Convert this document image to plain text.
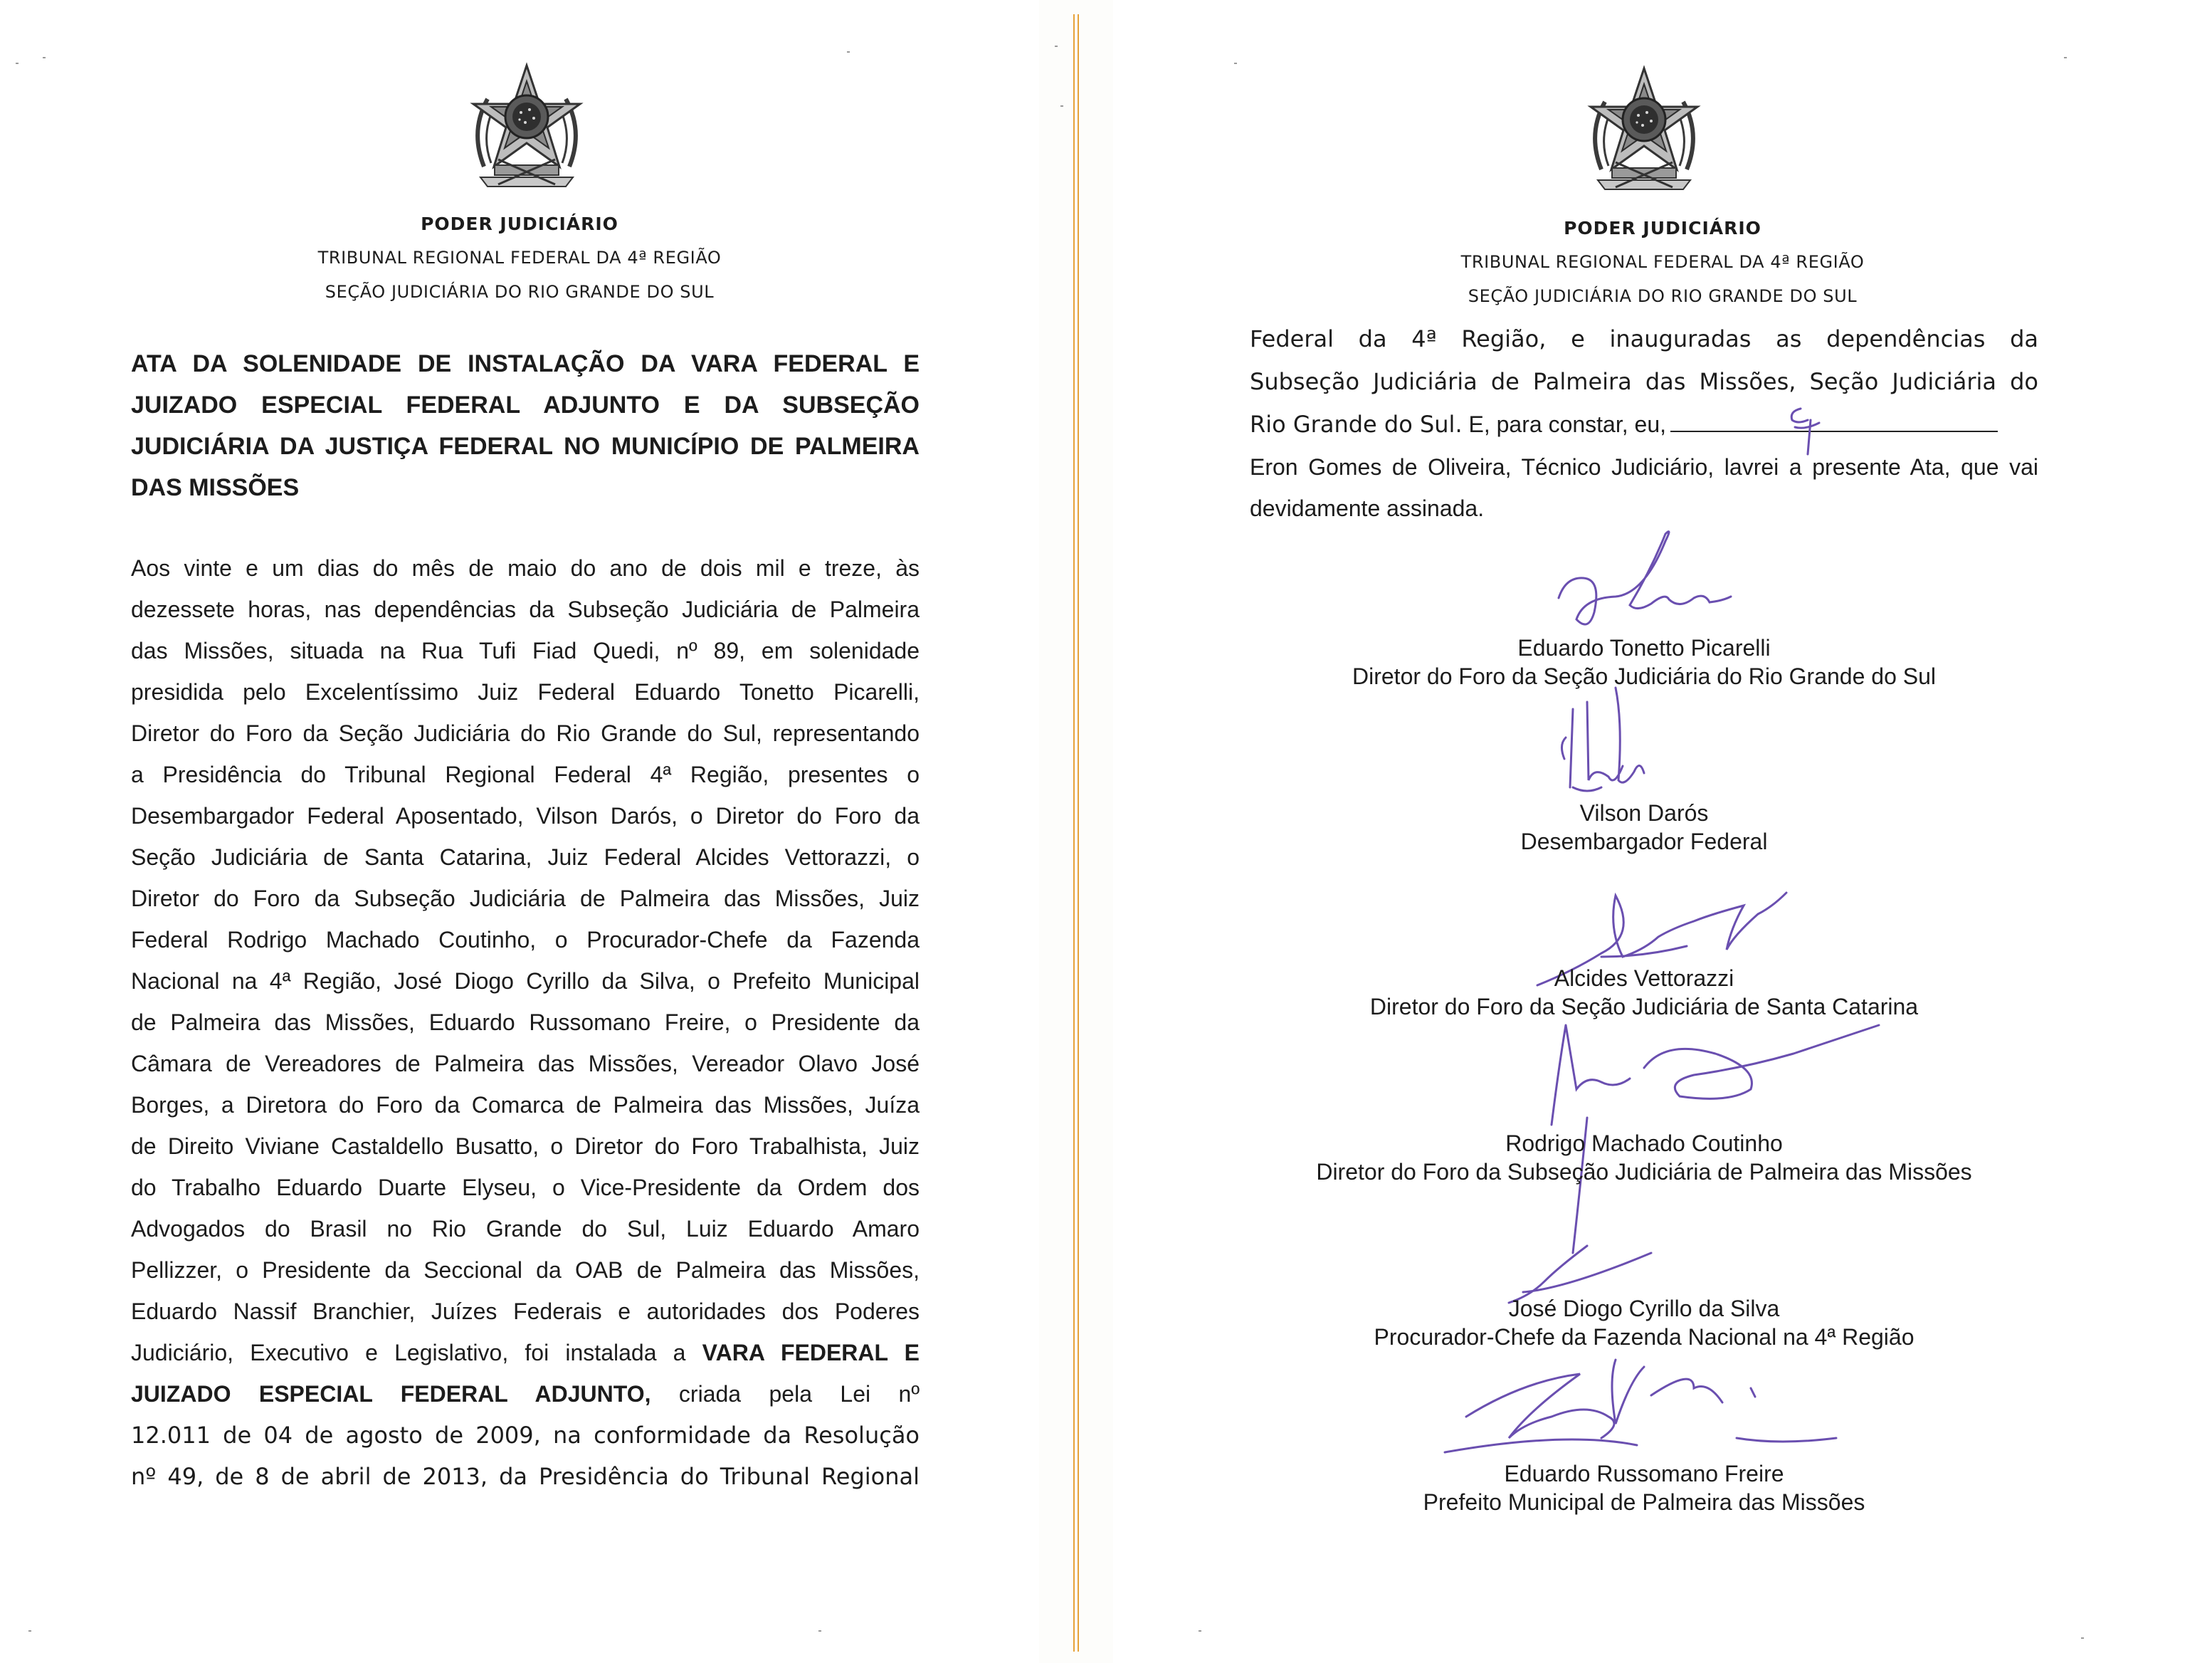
PODER JUDICIÁRIO
TRIBUNAL REGIONAL FEDERAL DA 4ª REGIÃO
SEÇÃO JUDICIÁRIA DO RIO GRANDE DO SUL
ATA DA SOLENIDADE DE INSTALAÇÃO DA VARA FEDERAL E JUIZADO ESPECIAL FEDERAL ADJUNTO E DA SUBSEÇÃO JUDICIÁRIA DA JUSTIÇA FEDERAL NO MUNICÍPIO DE PALMEIRA DAS MISSÕES
Aos vinte e um dias do mês de maio do ano de dois mil e treze, às
dezessete horas, nas dependências da Subseção Judiciária de Palmeira
das Missões, situada na Rua Tufi Fiad Quedi, nº 89, em solenidade
presidida pelo Excelentíssimo Juiz Federal Eduardo Tonetto Picarelli,
Diretor do Foro da Seção Judiciária do Rio Grande do Sul, representando
a Presidência do Tribunal Regional Federal 4ª Região, presentes o
Desembargador Federal Aposentado, Vilson Darós, o Diretor do Foro da
Seção Judiciária de Santa Catarina, Juiz Federal Alcides Vettorazzi, o
Diretor do Foro da Subseção Judiciária de Palmeira das Missões, Juiz
Federal Rodrigo Machado Coutinho, o Procurador-Chefe da Fazenda
Nacional na 4ª Região, José Diogo Cyrillo da Silva, o Prefeito Municipal
de Palmeira das Missões, Eduardo Russomano Freire, o Presidente da
Câmara de Vereadores de Palmeira das Missões, Vereador Olavo José
Borges, a Diretora do Foro da Comarca de Palmeira das Missões, Juíza
de Direito Viviane Castaldello Busatto, o Diretor do Foro Trabalhista, Juiz
do Trabalho Eduardo Duarte Elyseu, o Vice-Presidente da Ordem dos
Advogados do Brasil no Rio Grande do Sul, Luiz Eduardo Amaro
Pellizzer, o Presidente da Seccional da OAB de Palmeira das Missões,
Eduardo Nassif Branchier, Juízes Federais e autoridades dos Poderes
Judiciário, Executivo e Legislativo, foi instalada a VARA FEDERAL E
JUIZADO ESPECIAL FEDERAL ADJUNTO, criada pela Lei nº
12.011 de 04 de agosto de 2009, na conformidade da Resolução
nº 49, de 8 de abril de 2013, da Presidência do Tribunal Regional
PODER JUDICIÁRIO
TRIBUNAL REGIONAL FEDERAL DA 4ª REGIÃO
SEÇÃO JUDICIÁRIA DO RIO GRANDE DO SUL
Federal da 4ª Região, e inauguradas as dependências da
Subseção Judiciária de Palmeira das Missões, Seção Judiciária do
Rio Grande do Sul. E, para constar, eu,
Eron Gomes de Oliveira, Técnico Judiciário, lavrei a presente Ata, que vai
devidamente assinada.
Eduardo Tonetto Picarelli
Diretor do Foro da Seção Judiciária do Rio Grande do Sul
Vilson Darós
Desembargador Federal
Alcides Vettorazzi
Diretor do Foro da Seção Judiciária de Santa Catarina
Rodrigo Machado Coutinho
Diretor do Foro da Subseção Judiciária de Palmeira das Missões
José Diogo Cyrillo da Silva
Procurador-Chefe da Fazenda Nacional na 4ª Região
Eduardo Russomano Freire
Prefeito Municipal de Palmeira das Missões
